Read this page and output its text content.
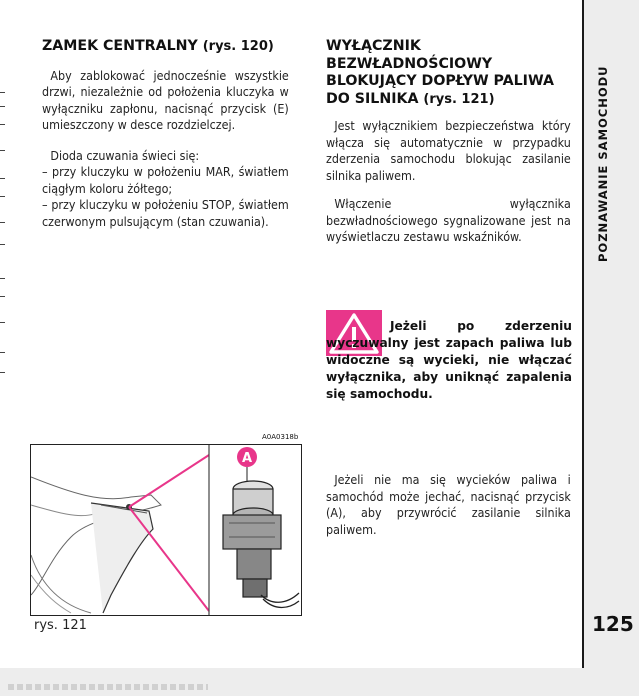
ZAMEK CENTRALNY (rys. 120)

Aby zablokować jednocześnie wszystkie drzwi, niezależnie od położenia kluczyka w wyłączniku zapłonu, nacisnąć przycisk (E) umieszczony w desce rozdzielczej.

Dioda czuwania świeci się:

– przy kluczyku w położeniu MAR, światłem ciągłym koloru żółtego;

– przy kluczyku w położeniu STOP, światłem czerwonym pulsującym (stan czuwania).

WYŁĄCZNIK BEZWŁADNOŚCIOWY BLOKUJĄCY DOPŁYW PALIWA DO SILNIKA (rys. 121)

Jest wyłącznikiem bezpieczeństwa który włącza się automatycznie w przypadku zderzenia samochodu blokując zasilanie silnika paliwem.

Włączenie wyłącznika bezwładnościowego sygnalizowane jest na wyświetlaczu zestawu wskaźników.

Jeżeli po zderzeniu wyczuwalny jest zapach paliwa lub widoczne są wycieki, nie włączać wyłącznika, aby uniknąć zapalenia się samochodu.

Jeżeli nie ma się wycieków paliwa i samochód może jechać, nacisnąć przycisk (A), aby przywrócić zasilanie silnika paliwem.

A0A0318b
A
rys. 121
POZNAWANIE SAMOCHODU
125
